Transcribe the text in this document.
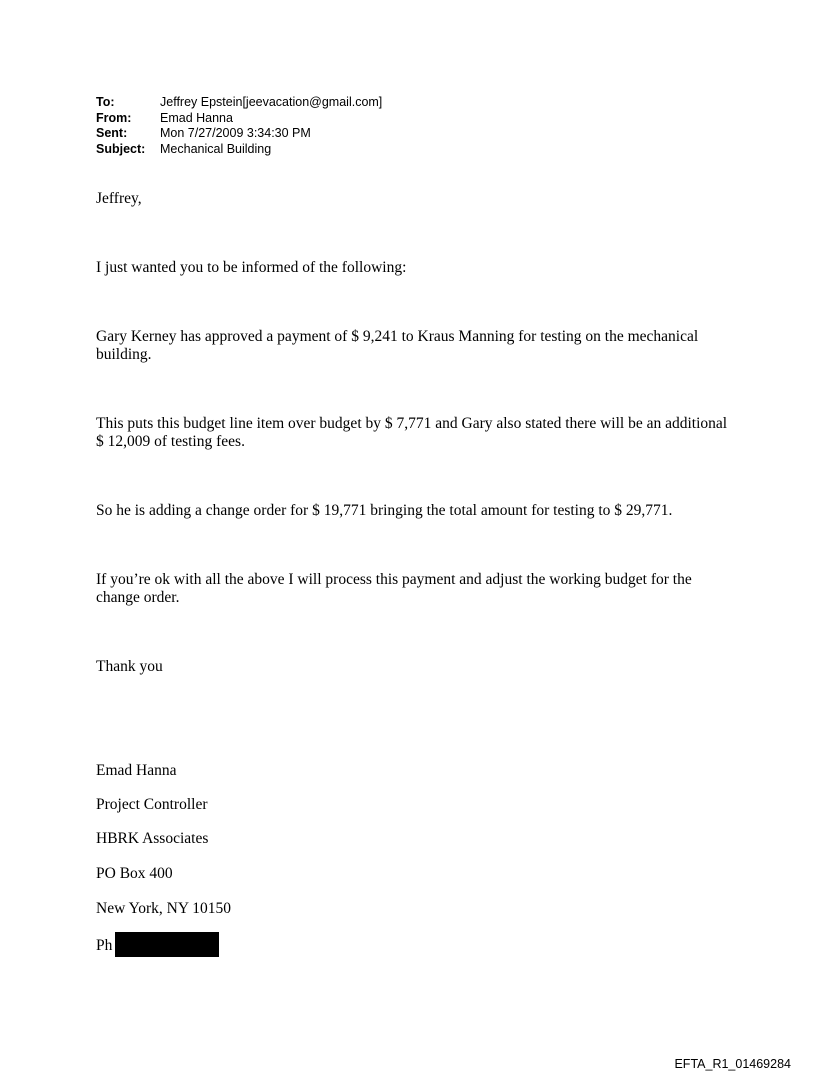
To:	Jeffrey Epstein[jeevacation@gmail.com]
From:	Emad Hanna
Sent:	Mon 7/27/2009 3:34:30 PM
Subject:	Mechanical Building

Jeffrey,

I just wanted you to be informed of the following:

Gary Kerney has approved a payment of $ 9,241 to Kraus Manning for testing on the mechanical building.

This puts this budget line item over budget by $ 7,771 and Gary also stated there will be an additional $ 12,009 of testing fees.

So he is adding a change order for $ 19,771 bringing the total amount for testing to $ 29,771.

If you’re ok with all the above I will process this payment and adjust the working budget for the change order.

Thank you

Emad Hanna

Project Controller

HBRK Associates

PO Box 400

New York, NY 10150

Ph

EFTA_R1_01469284
